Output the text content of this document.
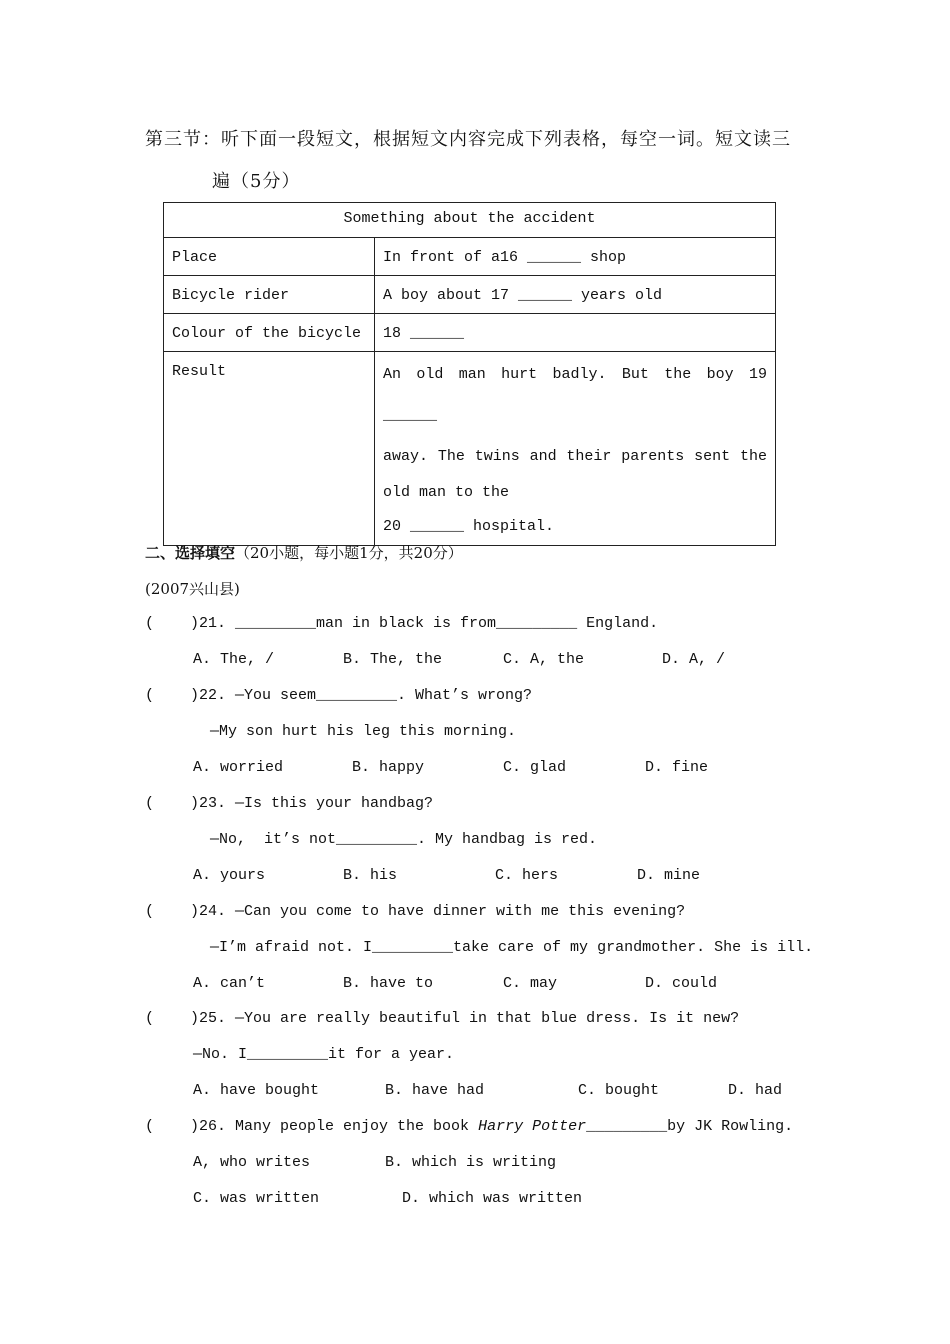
第三节：听下面一段短文，根据短文内容完成下列表格，每空一词。短文读三
遍（5分）
Something about the accident	
Place	In front of a16 ______ shop
Bicycle rider	A boy about 17 ______ years old
Colour of the bicycle	18 ______
Result	An old man hurt badly. But the boy 19 ______
away. The twins and their parents sent the
old man to the
20 ______ hospital.
二、选择填空（20小题，每小题1分，共20分）
(2007兴山县)
(    )21. _________man in black is from_________ England.
A. The, /	B. The, the	C. A, the	D. A, /
(    )22. —You seem_________. What’s wrong?
—My son hurt his leg this morning.
A. worried	B. happy	C. glad	D. fine
(    )23. —Is this your handbag?
—No,  it’s not_________. My handbag is red.
A. yours	B. his	C. hers	D. mine
(    )24. —Can you come to have dinner with me this evening?
—I’m afraid not. I_________take care of my grandmother. She is ill.
A. can’t	B. have to	C. may	D. could
(    )25. —You are really beautiful in that blue dress. Is it new?
—No. I_________it for a year.
A. have bought	B. have had	C. bought	D. had
(    )26. Many people enjoy the book Harry Potter_________by JK Rowling.
A, who writes	B. which is writing
C. was written	D. which was written
